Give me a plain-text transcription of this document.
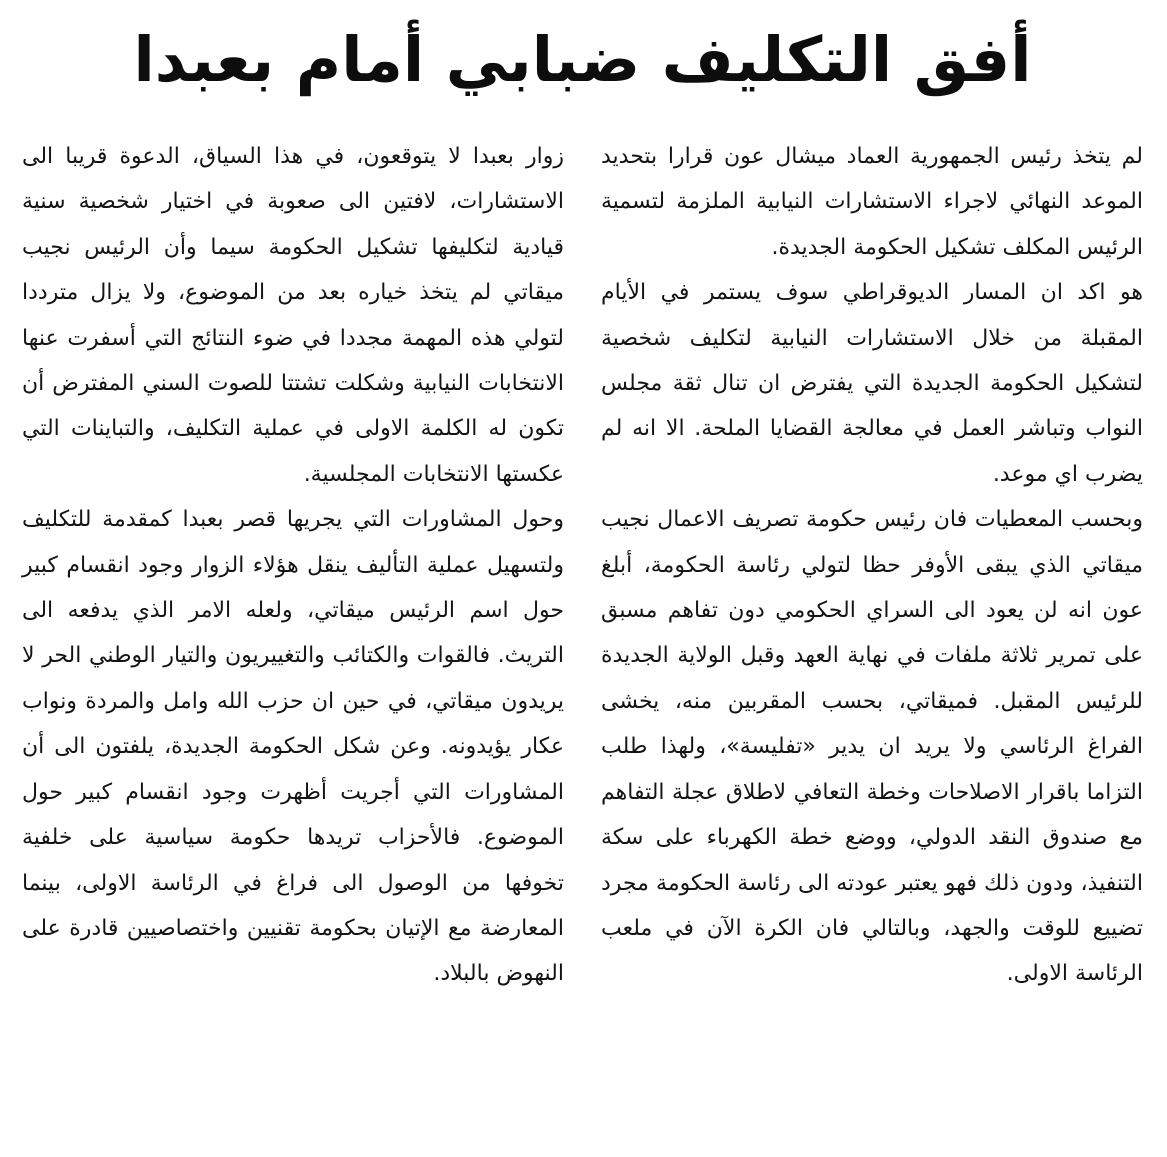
أفق التكليف ضبابي أمام بعبدا

لم يتخذ رئيس الجمهورية العماد ميشال عون قرارا بتحديد الموعد النهائي لاجراء الاستشارات النيابية الملزمة لتسمية الرئيس المكلف تشكيل الحكومة الجديدة.

هو اكد ان المسار الديوقراطي سوف يستمر في الأيام المقبلة من خلال الاستشارات النيابية لتكليف شخصية لتشكيل الحكومة الجديدة التي يفترض ان تنال ثقة مجلس النواب وتباشر العمل في معالجة القضايا الملحة. الا انه لم يضرب اي موعد.

وبحسب المعطيات فان رئيس حكومة تصريف الاعمال نجيب ميقاتي الذي يبقى الأوفر حظا لتولي رئاسة الحكومة، أبلغ عون انه لن يعود الى السراي الحكومي دون تفاهم مسبق على تمرير ثلاثة ملفات في نهاية العهد وقبل الولاية الجديدة للرئيس المقبل. فميقاتي، بحسب المقربين منه، يخشى الفراغ الرئاسي ولا يريد ان يدير «تفليسة»، ولهذا طلب التزاما باقرار الاصلاحات وخطة التعافي لاطلاق عجلة التفاهم مع صندوق النقد الدولي، ووضع خطة الكهرباء على سكة التنفيذ، ودون ذلك فهو يعتبر عودته الى رئاسة الحكومة مجرد تضييع للوقت والجهد، وبالتالي فان الكرة الآن في ملعب الرئاسة الاولى.

زوار بعبدا لا يتوقعون، في هذا السياق، الدعوة قريبا الى الاستشارات، لافتين الى صعوبة في اختيار شخصية سنية قيادية لتكليفها تشكيل الحكومة سيما وأن الرئيس نجيب ميقاتي لم يتخذ خياره بعد من الموضوع، ولا يزال مترددا لتولي هذه المهمة مجددا في ضوء النتائج التي أسفرت عنها الانتخابات النيابية وشكلت تشتتا للصوت السني المفترض أن تكون له الكلمة الاولى في عملية التكليف، والتباينات التي عكستها الانتخابات المجلسية.

وحول المشاورات التي يجريها قصر بعبدا كمقدمة للتكليف ولتسهيل عملية التأليف ينقل هؤلاء الزوار وجود انقسام كبير حول اسم الرئيس ميقاتي، ولعله الامر الذي يدفعه الى التريث. فالقوات والكتائب والتغييريون والتيار الوطني الحر لا يريدون ميقاتي، في حين ان حزب الله وامل والمردة ونواب عكار يؤيدونه. وعن شكل الحكومة الجديدة، يلفتون الى أن المشاورات التي أجريت أظهرت وجود انقسام كبير حول الموضوع. فالأحزاب تريدها حكومة سياسية على خلفية تخوفها من الوصول الى فراغ في الرئاسة الاولى، بينما المعارضة مع الإتيان بحكومة تقنيين واختصاصيين قادرة على النهوض بالبلاد.
